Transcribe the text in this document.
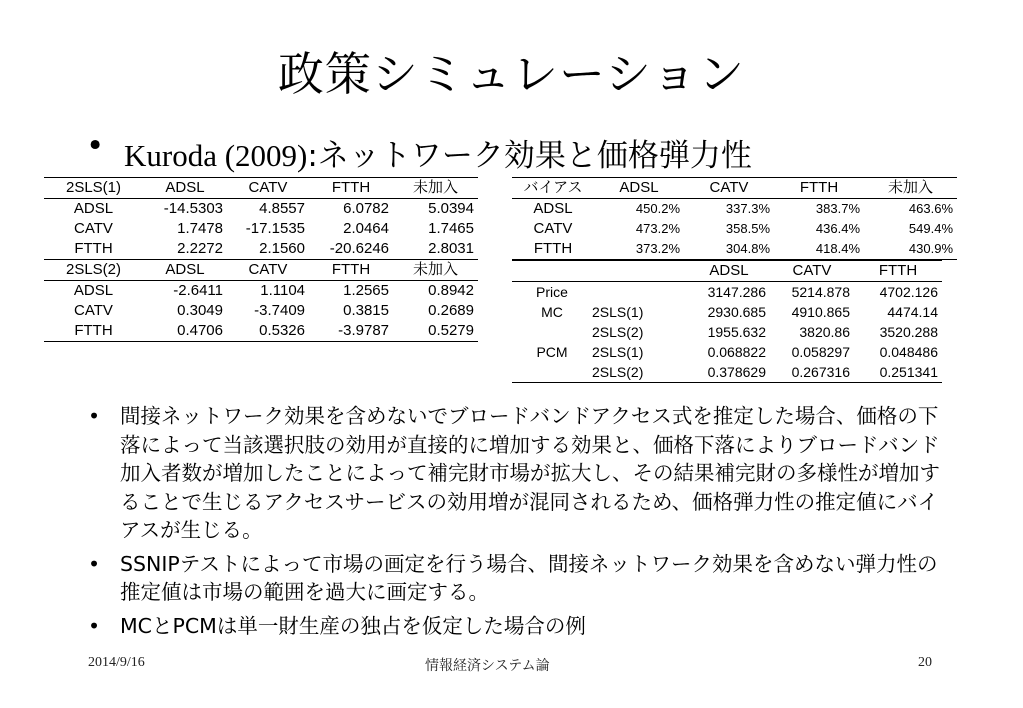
政策シミュレーション
• Kuroda (2009):ネットワーク効果と価格弾力性
2SLS(1)	ADSL	CATV	FTTH	未加入
ADSL	-14.5303	4.8557	6.0782	5.0394
CATV	1.7478	-17.1535	2.0464	1.7465
FTTH	2.2272	2.1560	-20.6246	2.8031
2SLS(2)	ADSL	CATV	FTTH	未加入
ADSL	-2.6411	1.1104	1.2565	0.8942
CATV	0.3049	-3.7409	0.3815	0.2689
FTTH	0.4706	0.5326	-3.9787	0.5279
バイアス	ADSL	CATV	FTTH	未加入
ADSL	450.2%	337.3%	383.7%	463.6%
CATV	473.2%	358.5%	436.4%	549.4%
FTTH	373.2%	304.8%	418.4%	430.9%
		ADSL	CATV	FTTH
Price		3147.286	5214.878	4702.126
MC	2SLS(1)	2930.685	4910.865	4474.14
	2SLS(2)	1955.632	3820.86	3520.288
PCM	2SLS(1)	0.068822	0.058297	0.048486
	2SLS(2)	0.378629	0.267316	0.251341
• 間接ネットワーク効果を含めないでブロードバンドアクセス式を推定した場合、価格の下落によって当該選択肢の効用が直接的に増加する効果と、価格下落によりブロードバンド加入者数が増加したことによって補完財市場が拡大し、その結果補完財の多様性が増加することで生じるアクセスサービスの効用増が混同されるため、価格弾力性の推定値にバイアスが生じる。
• SSNIPテストによって市場の画定を行う場合、間接ネットワーク効果を含めない弾力性の推定値は市場の範囲を過大に画定する。
• MCとPCMは単一財生産の独占を仮定した場合の例
2014/9/16	情報経済システム論	20
